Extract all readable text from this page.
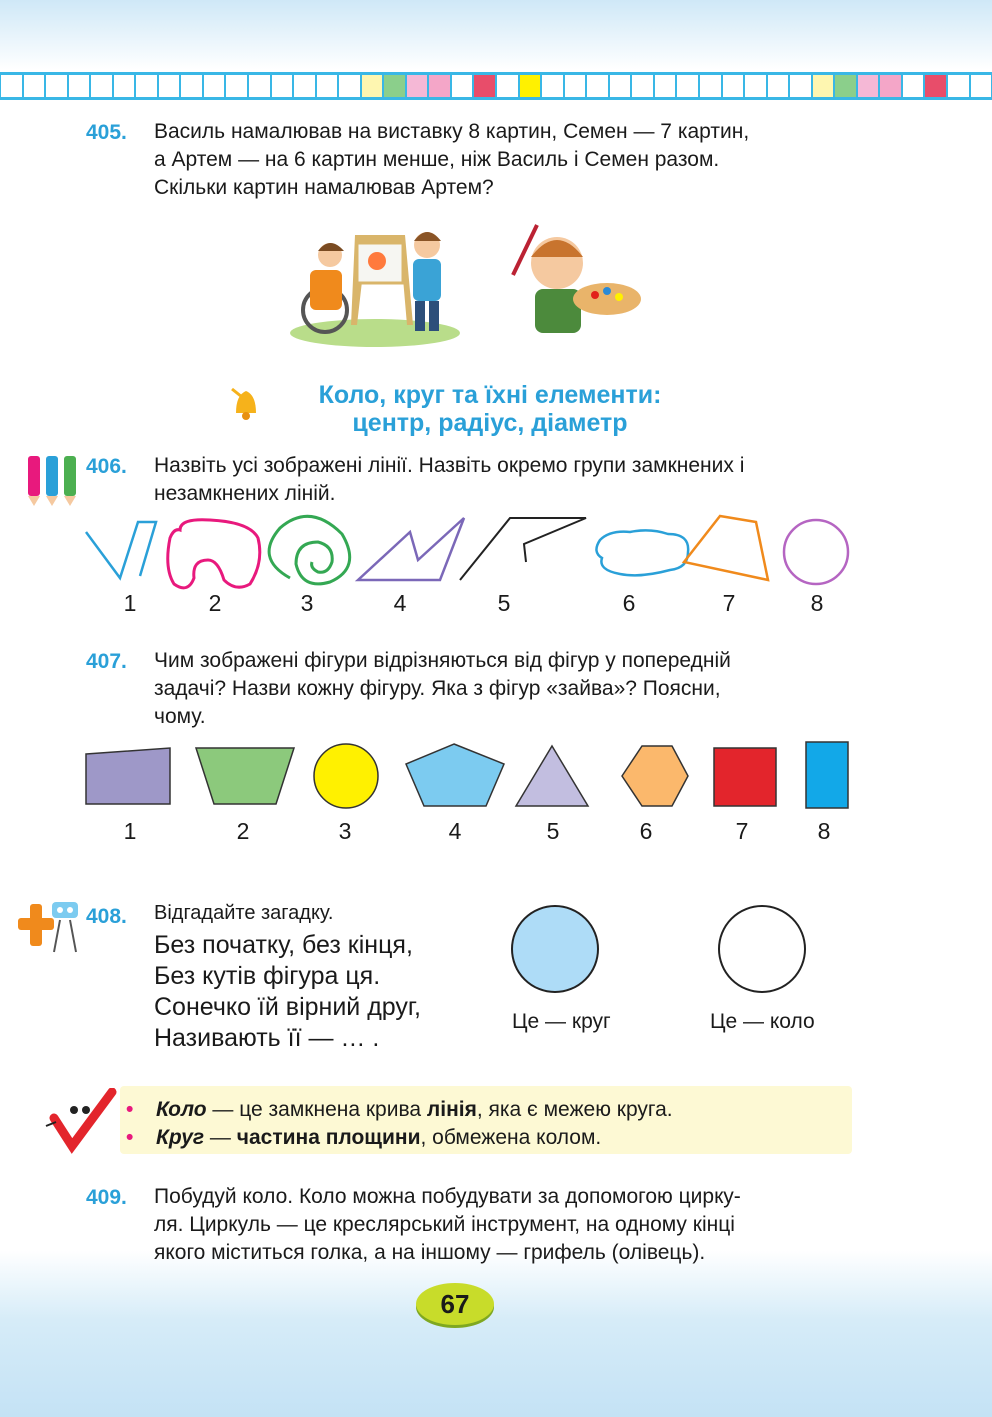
405.	Василь намалював на виставку 8 картин, Семен — 7 картин,
а Артем — на 6 картин менше, ніж Василь і Семен разом.
Скільки картин намалював Артем?
Коло, круг та їхні елементи:
центр, радіус, діаметр
406.	Назвіть усі зображені лінії. Назвіть окремо групи замкнених і
незамкнених ліній.
1	2	3	4	5	6	7	8
407.	Чим зображені фігури відрізняються від фігур у попередній
задачі? Назви кожну фігуру. Яка з фігур «зайва»? Поясни,
чому.
1	2	3	4	5	6	7	8
408.	Відгадайте загадку.
Без початку, без кінця,
Без кутів фігура ця.
Сонечко їй вірний друг,
Називають її — … .
Це — круг	Це — коло
• Коло — це замкнена крива лінія, яка є межею круга.
• Круг — частина площини, обмежена колом.
409.	Побудуй коло. Коло можна побудувати за допомогою циркy-
ля. Циркуль — це креслярський інструмент, на одному кінці
якого міститься голка, а на іншому — грифель (олівець).
67
